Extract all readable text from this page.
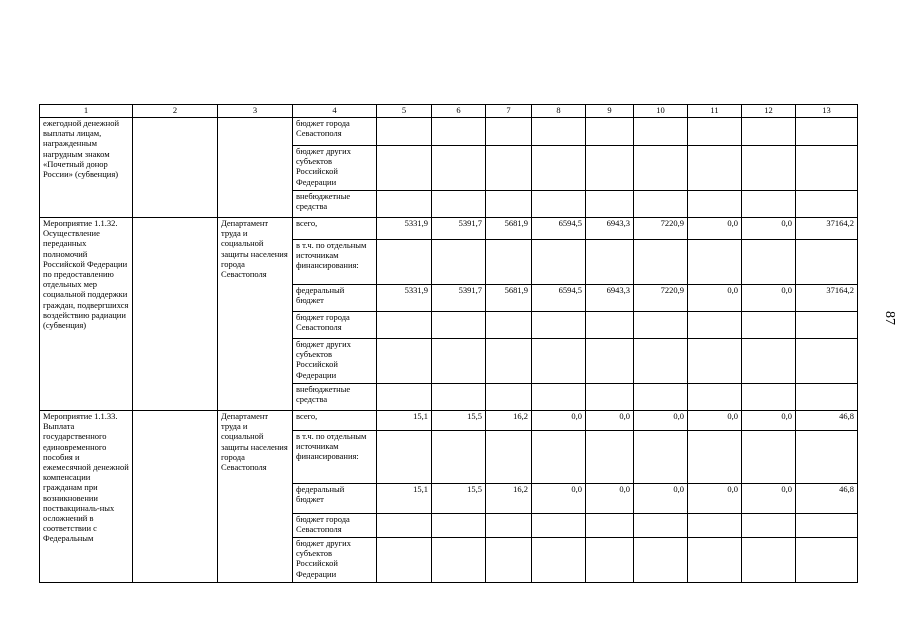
1	2	3	4	5	6	7	8	9	10	11	12	13
ежегодной денежной выплаты лицам, награжденным нагрудным знаком «Почетный донор России» (субвенция)			бюджет города Севастополя									
			бюджет других субъектов Российской Федерации									
			внебюджетные средства									
Мероприятие 1.1.32. Осуществление переданных полномочий Российской Федерации по предоставлению отдельных мер социальной поддержки граждан, подвергшихся воздействию радиации (субвенция)		Департамент труда и социальной защиты населения города Севастополя	всего,	5331,9	5391,7	5681,9	6594,5	6943,3	7220,9	0,0	0,0	37164,2
			в т.ч. по отдельным источникам финансирования:									
			федеральный бюджет	5331,9	5391,7	5681,9	6594,5	6943,3	7220,9	0,0	0,0	37164,2
			бюджет города Севастополя									
			бюджет других субъектов Российской Федерации									
			внебюджетные средства									
Мероприятие 1.1.33. Выплата государственного единовременного пособия и ежемесячной денежной компенсации гражданам при возникновении поствакциналь-ных осложнений в соответствии с Федеральным		Департамент труда и социальной защиты населения города Севастополя	всего,	15,1	15,5	16,2	0,0	0,0	0,0	0,0	0,0	46,8
			в т.ч. по отдельным источникам финансирования:									
			федеральный бюджет	15,1	15,5	16,2	0,0	0,0	0,0	0,0	0,0	46,8
			бюджет города Севастополя									
			бюджет других субъектов Российской Федерации									
87
